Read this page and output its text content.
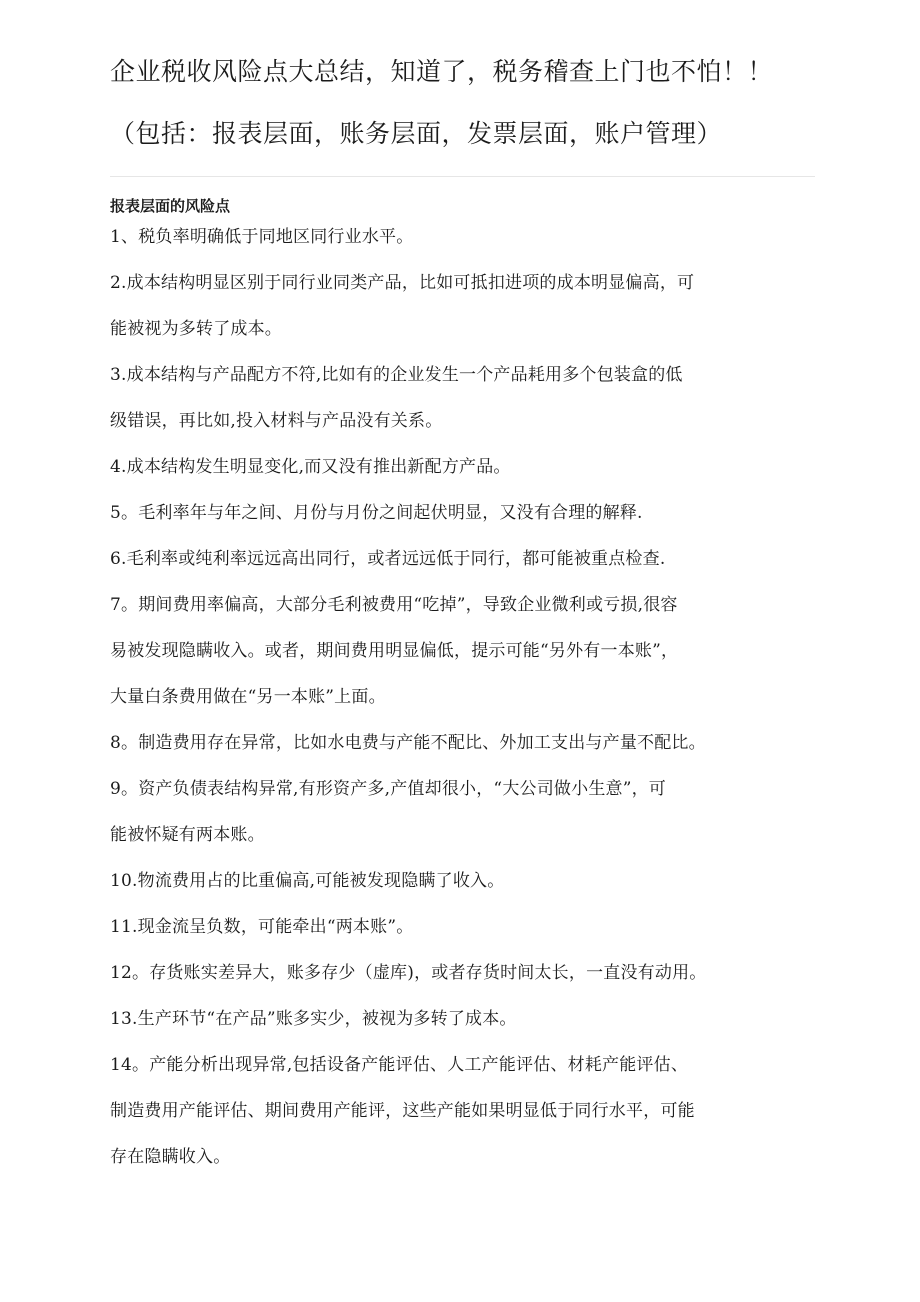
企业税收风险点大总结，知道了，税务稽查上门也不怕！！
（包括：报表层面，账务层面，发票层面，账户管理）
报表层面的风险点
1、税负率明确低于同地区同行业水平。
2.成本结构明显区别于同行业同类产品，比如可抵扣进项的成本明显偏高，可
能被视为多转了成本。
3.成本结构与产品配方不符,比如有的企业发生一个产品耗用多个包装盒的低
级错误，再比如,投入材料与产品没有关系。
4.成本结构发生明显变化,而又没有推出新配方产品。
5。毛利率年与年之间、月份与月份之间起伏明显，又没有合理的解释.
6.毛利率或纯利率远远高出同行，或者远远低于同行，都可能被重点检查.
7。期间费用率偏高，大部分毛利被费用“吃掉”，导致企业微利或亏损,很容
易被发现隐瞒收入。或者，期间费用明显偏低，提示可能“另外有一本账”，
大量白条费用做在“另一本账”上面。
8。制造费用存在异常，比如水电费与产能不配比、外加工支出与产量不配比。
9。资产负债表结构异常,有形资产多,产值却很小，“大公司做小生意”，可
能被怀疑有两本账。
10.物流费用占的比重偏高,可能被发现隐瞒了收入。
11.现金流呈负数，可能牵出“两本账”。
12。存货账实差异大，账多存少（虚库)，或者存货时间太长，一直没有动用。
13.生产环节“在产品”账多实少，被视为多转了成本。
14。产能分析出现异常,包括设备产能评估、人工产能评估、材耗产能评估、
制造费用产能评估、期间费用产能评，这些产能如果明显低于同行水平，可能
存在隐瞒收入。
